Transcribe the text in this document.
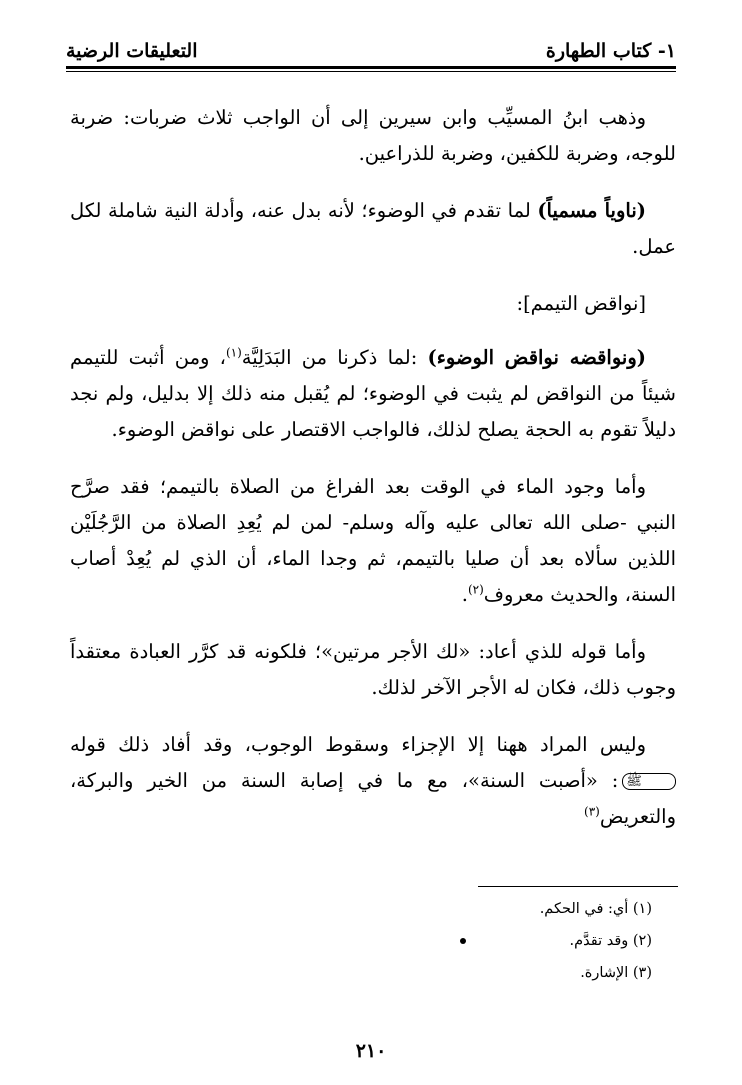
١- كتاب الطهارة
التعليقات الرضية

وذهب ابنُ المسيِّب وابن سيرين إلى أن الواجب ثلاث ضربات: ضربة للوجه، وضربة للكفين، وضربة للذراعين.

(ناوياً مسمياً) لما تقدم في الوضوء؛ لأنه بدل عنه، وأدلة النية شاملة لكل عمل.

[نواقض التيمم]:

(ونواقضه نواقض الوضوء) :لما ذكرنا من البَدَلِيَّة$^{(١)}$، ومن أثبت للتيمم شيئاً من النواقض لم يثبت في الوضوء؛ لم يُقبل منه ذلك إلا بدليل، ولم نجد دليلاً تقوم به الحجة يصلح لذلك، فالواجب الاقتصار على نواقض الوضوء.

وأما وجود الماء في الوقت بعد الفراغ من الصلاة بالتيمم؛ فقد صرَّح النبي -صلى الله تعالى عليه وآله وسلم- لمن لم يُعِدِ الصلاة من الرَّجُلَيْن اللذين سألاه بعد أن صليا بالتيمم، ثم وجدا الماء، أن الذي لم يُعِدْ أصاب السنة، والحديث معروف$^{(٢)}$.

وأما قوله للذي أعاد: «لك الأجر مرتين»؛ فلكونه قد كرَّر العبادة معتقداً وجوب ذلك، فكان له الأجر الآخر لذلك.

وليس المراد ههنا إلا الإجزاء وسقوط الوجوب، وقد أفاد ذلك قوله ﷺ: «أصبت السنة»، مع ما في إصابة السنة من الخير والبركة، والتعريض$^{(٣)}$

(١) أي: في الحكم.

(٢) وقد تقدَّم.

(٣) الإشارة.

٢١٠
